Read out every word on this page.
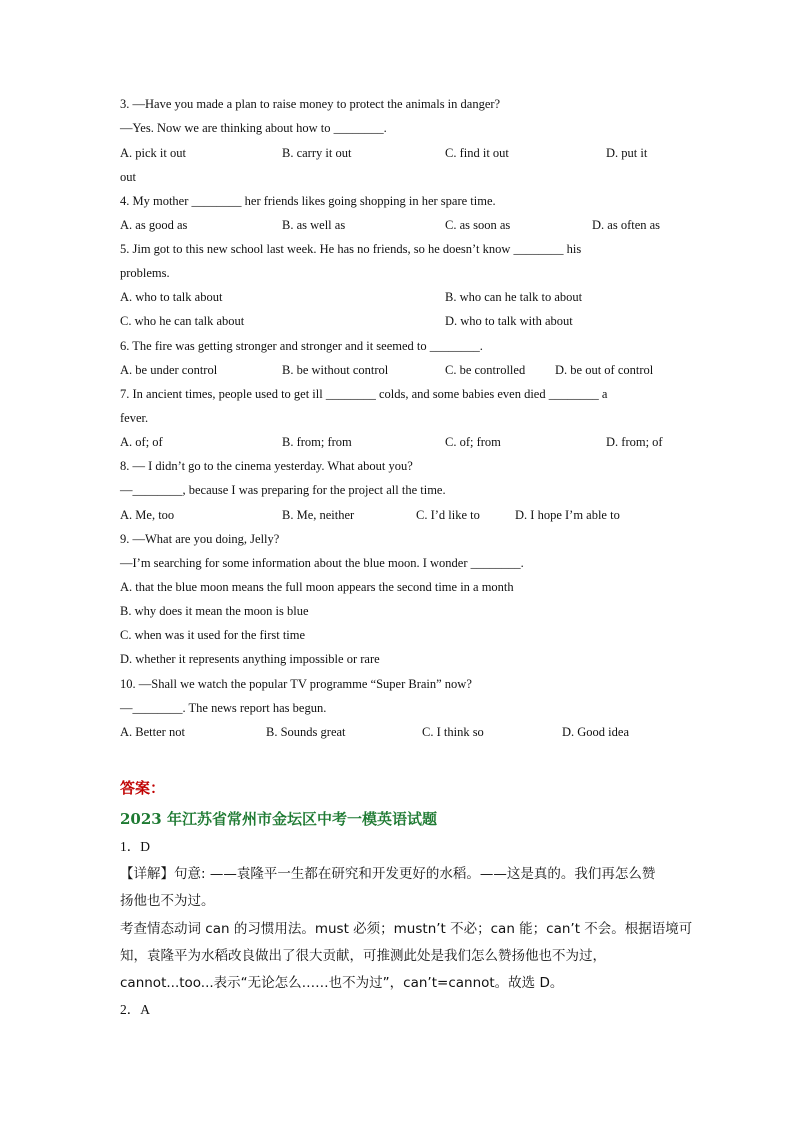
3. —Have you made a plan to raise money to protect the animals in danger?
—Yes. Now we are thinking about how to ________.
A. pick it out	B. carry it out	C. find it out	D. put it
out
4. My mother ________ her friends likes going shopping in her spare time.
A. as good as	B. as well as	C. as soon as	D. as often as
5. Jim got to this new school last week. He has no friends, so he doesn’t know ________ his
problems.
A. who to talk about	B. who can he talk to about
C. who he can talk about	D. who to talk with about
6. The fire was getting stronger and stronger and it seemed to ________.
A. be under control	B. be without control	C. be controlled D. be out of control
7. In ancient times, people used to get ill ________ colds, and some babies even died ________ a
fever.
A. of; of	B. from; from	C. of; from	D. from; of
8. — I didn’t go to the cinema yesterday. What about you?
—________, because I was preparing for the project all the time.
A. Me, too	B. Me, neither	C. I’d like to	D. I hope I’m able to
9. —What are you doing, Jelly?
—I’m searching for some information about the blue moon. I wonder ________.
A. that the blue moon means the full moon appears the second time in a month
B. why does it mean the moon is blue
C. when was it used for the first time
D. whether it represents anything impossible or rare
10. —Shall we watch the popular TV programme “Super Brain” now?
—________. The news report has begun.
A. Better not	B. Sounds great	C. I think so	D. Good idea
答案：
2023 年江苏省常州市金坛区中考一模英语试题
1．D
【详解】句意: ——袁隆平一生都在研究和开发更好的水稻。——这是真的。我们再怎么赞
扬他也不为过。
考查情态动词 can 的习惯用法。must 必须；mustn’t 不必；can 能；can’t 不会。根据语境可
知，袁隆平为水稻改良做出了很大贡献，可推测此处是我们怎么赞扬他也不为过，
cannot...too...表示“无论怎么……也不为过”，can’t=cannot。故选 D。
2．A
